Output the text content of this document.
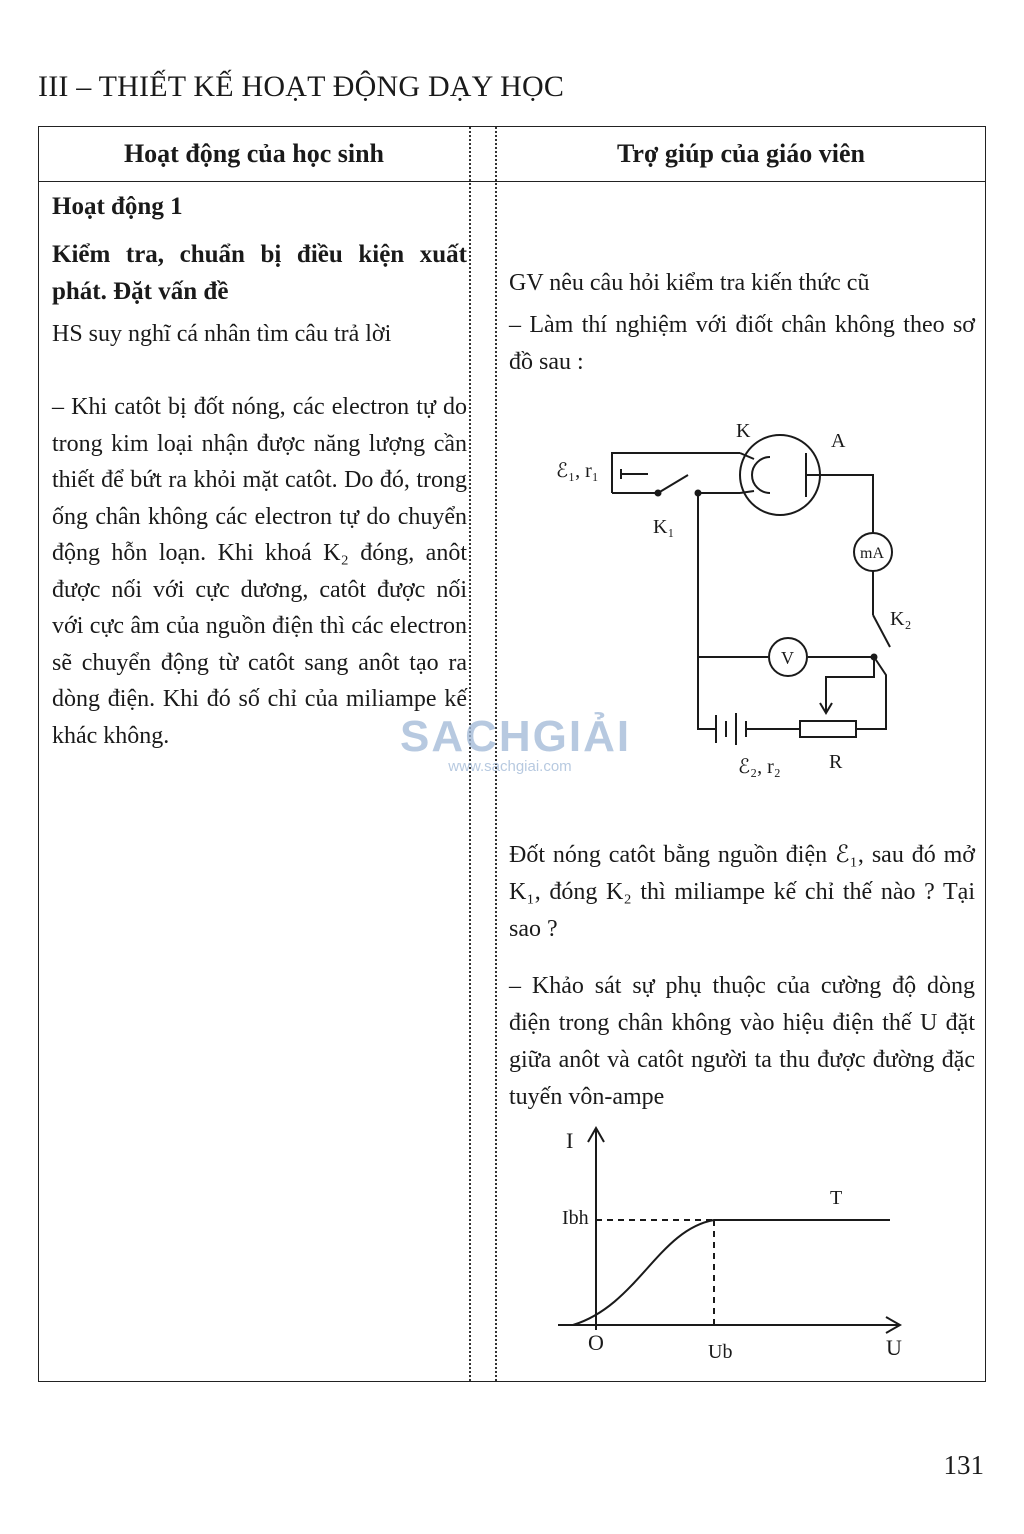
III – THIẾT KẾ HOẠT ĐỘNG DẠY HỌC
Hoạt động của học sinh	Trợ giúp của giáo viên
Hoạt động 1
Kiểm tra, chuẩn bị điều kiện xuất phát. Đặt vấn đề
HS suy nghĩ cá nhân tìm câu trả lời
– Khi catôt bị đốt nóng, các electron tự do trong kim loại nhận được năng lượng cần thiết để bứt ra khỏi mặt catôt. Do đó, trong ống chân không các electron tự do chuyển động hỗn loạn. Khi khoá K₂ đóng, anôt được nối với cực dương, catôt được nối với cực âm của nguồn điện thì các electron sẽ chuyển động từ catôt sang anôt tạo ra dòng điện. Khi đó số chỉ của miliampe kế khác không.
GV nêu câu hỏi kiểm tra kiến thức cũ
– Làm thí nghiệm với điốt chân không theo sơ đồ sau :
Đốt nóng catôt bằng nguồn điện ℰ₁, sau đó mở K₁, đóng K₂ thì miliampe kế chỉ thế nào ? Tại sao ?
– Khảo sát sự phụ thuộc của cường độ dòng điện trong chân không vào hiệu điện thế U đặt giữa anôt và catôt người ta thu được đường đặc tuyến vôn-ampe
ℰ₁, r₁
K	A
K₁
mA
K₂
V
ℰ₂, r₂ R
I
U
O
Ibh
Ub
T
SACHGIẢI
www.sachgiai.com
131
